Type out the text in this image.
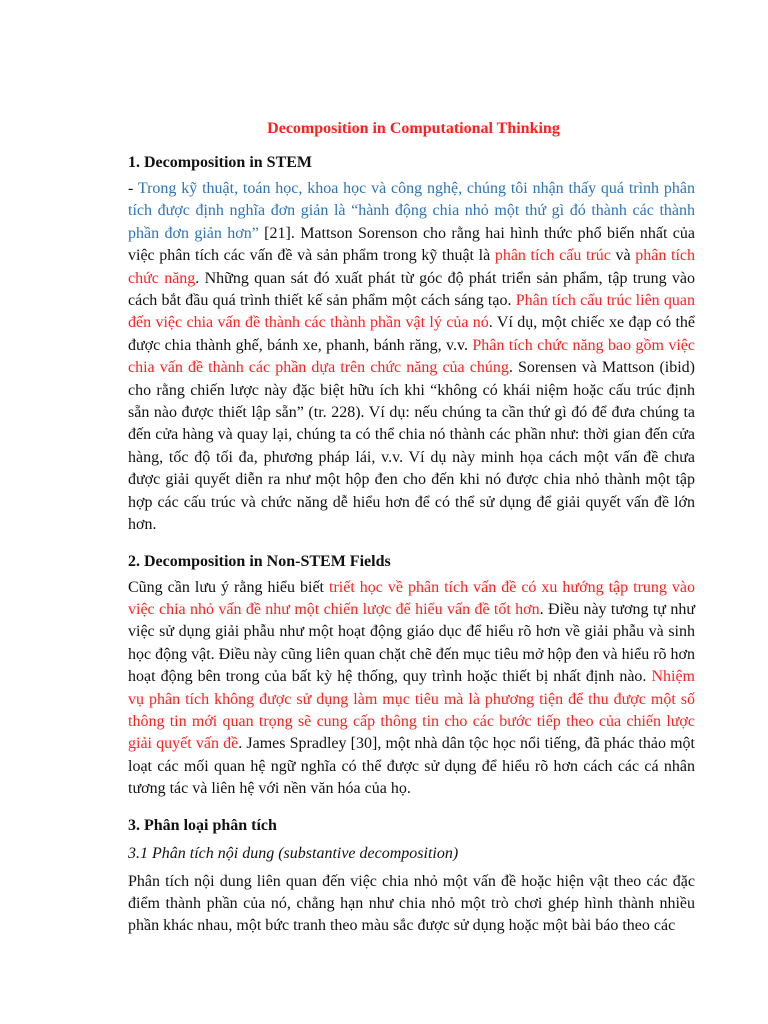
Decomposition in Computational Thinking
1. Decomposition in STEM

- Trong kỹ thuật, toán học, khoa học và công nghệ, chúng tôi nhận thấy quá trình phân tích được định nghĩa đơn giản là “hành động chia nhỏ một thứ gì đó thành các thành phần đơn giản hơn” [21]. Mattson Sorenson cho rằng hai hình thức phổ biến nhất của việc phân tích các vấn đề và sản phẩm trong kỹ thuật là phân tích cấu trúc và phân tích chức năng. Những quan sát đó xuất phát từ góc độ phát triển sản phẩm, tập trung vào cách bắt đầu quá trình thiết kế sản phẩm một cách sáng tạo. Phân tích cấu trúc liên quan đến việc chia vấn đề thành các thành phần vật lý của nó. Ví dụ, một chiếc xe đạp có thể được chia thành ghế, bánh xe, phanh, bánh răng, v.v. Phân tích chức năng bao gồm việc chia vấn đề thành các phần dựa trên chức năng của chúng. Sorensen và Mattson (ibid) cho rằng chiến lược này đặc biệt hữu ích khi “không có khái niệm hoặc cấu trúc định sẵn nào được thiết lập sẵn” (tr. 228). Ví dụ: nếu chúng ta cần thứ gì đó để đưa chúng ta đến cửa hàng và quay lại, chúng ta có thể chia nó thành các phần như: thời gian đến cửa hàng, tốc độ tối đa, phương pháp lái, v.v. Ví dụ này minh họa cách một vấn đề chưa được giải quyết diễn ra như một hộp đen cho đến khi nó được chia nhỏ thành một tập hợp các cấu trúc và chức năng dễ hiểu hơn để có thể sử dụng để giải quyết vấn đề lớn hơn.

2. Decomposition in Non-STEM Fields

Cũng cần lưu ý rằng hiểu biết triết học về phân tích vấn đề có xu hướng tập trung vào việc chia nhỏ vấn đề như một chiến lược để hiểu vấn đề tốt hơn. Điều này tương tự như việc sử dụng giải phẫu như một hoạt động giáo dục để hiểu rõ hơn về giải phẫu và sinh học động vật. Điều này cũng liên quan chặt chẽ đến mục tiêu mở hộp đen và hiểu rõ hơn hoạt động bên trong của bất kỳ hệ thống, quy trình hoặc thiết bị nhất định nào. Nhiệm vụ phân tích không được sử dụng làm mục tiêu mà là phương tiện để thu được một số thông tin mới quan trọng sẽ cung cấp thông tin cho các bước tiếp theo của chiến lược giải quyết vấn đề. James Spradley [30], một nhà dân tộc học nổi tiếng, đã phác thảo một loạt các mối quan hệ ngữ nghĩa có thể được sử dụng để hiểu rõ hơn cách các cá nhân tương tác và liên hệ với nền văn hóa của họ.

3. Phân loại phân tích
3.1 Phân tích nội dung (substantive decomposition)

Phân tích nội dung liên quan đến việc chia nhỏ một vấn đề hoặc hiện vật theo các đặc điểm thành phần của nó, chẳng hạn như chia nhỏ một trò chơi ghép hình thành nhiều phần khác nhau, một bức tranh theo màu sắc được sử dụng hoặc một bài báo theo các
